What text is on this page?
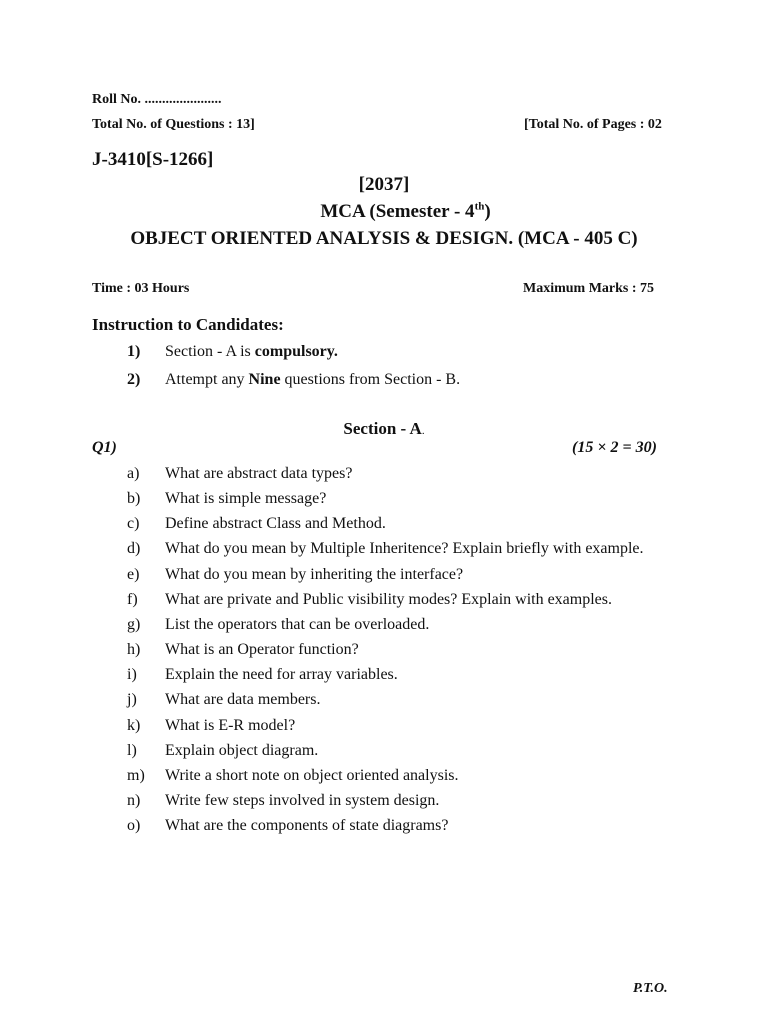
Roll No. ......................
Total No. of Questions : 13]	[Total No. of Pages : 02
J-3410[S-1266]
[2037]
MCA (Semester - 4th)
OBJECT ORIENTED ANALYSIS & DESIGN. (MCA - 405 C)
Time : 03 Hours	Maximum Marks : 75
Instruction to Candidates:
1) Section - A is compulsory.
2) Attempt any Nine questions from Section - B.
Section - A.
Q1)	(15 × 2 = 30)
a) What are abstract data types?
b) What is simple message?
c) Define abstract Class and Method.
d) What do you mean by Multiple Inheritence? Explain briefly with example.
e) What do you mean by inheriting the interface?
f) What are private and Public visibility modes? Explain with examples.
g) List the operators that can be overloaded.
h) What is an Operator function?
i) Explain the need for array variables.
j) What are data members.
k) What is E-R model?
l) Explain object diagram.
m) Write a short note on object oriented analysis.
n) Write few steps involved in system design.
o) What are the components of state diagrams?
P.T.O.
